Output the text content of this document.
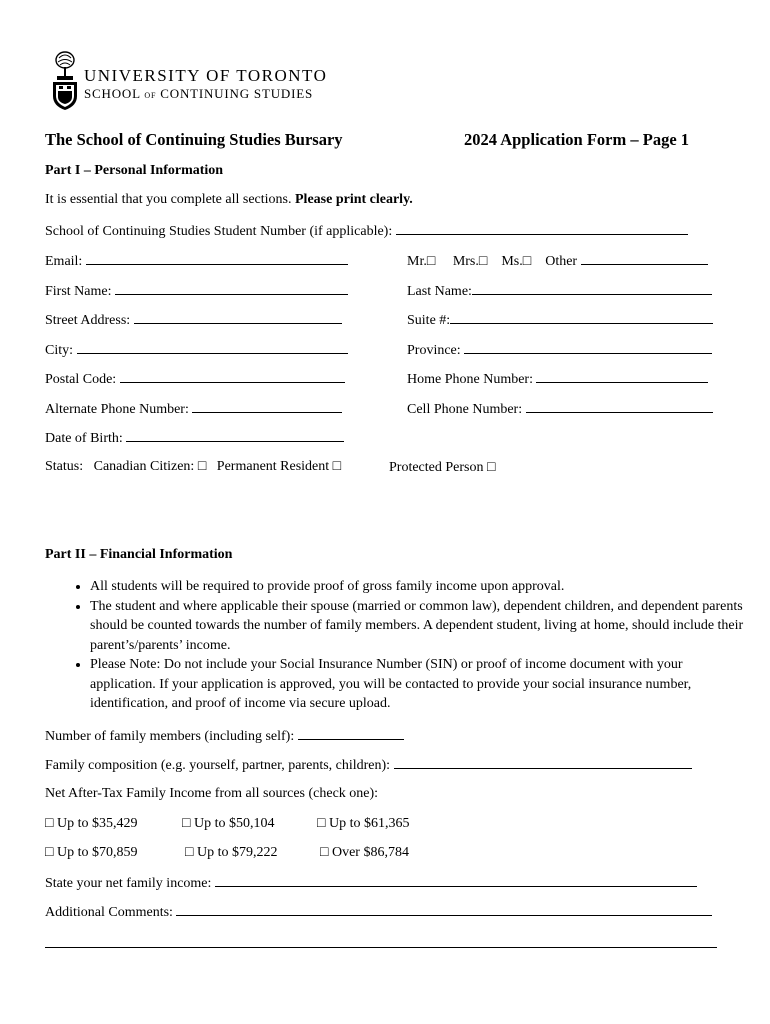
UNIVERSITY OF TORONTO
SCHOOL OF CONTINUING STUDIES
The School of Continuing Studies Bursary	2024 Application Form – Page 1
Part I – Personal Information
It is essential that you complete all sections. Please print clearly.
School of Continuing Studies Student Number (if applicable):
Email:	Mr.□ Mrs.□ Ms.□ Other
First Name:	Last Name:
Street Address:	Suite #:
City:	Province:
Postal Code:	Home Phone Number:
Alternate Phone Number:	Cell Phone Number:
Date of Birth:
Status: Canadian Citizen: □ Permanent Resident □	Protected Person □
Part II – Financial Information
• All students will be required to provide proof of gross family income upon approval.
• The student and where applicable their spouse (married or common law), dependent children, and dependent parents should be counted towards the number of family members. A dependent student, living at home, should include their parent’s/parents’ income.
• Please Note: Do not include your Social Insurance Number (SIN) or proof of income document with your application. If your application is approved, you will be contacted to provide your social insurance number, identification, and proof of income via secure upload.
Number of family members (including self):
Family composition (e.g. yourself, partner, parents, children):
Net After-Tax Family Income from all sources (check one):
□ Up to $35,429	□ Up to $50,104	□ Up to $61,365
□ Up to $70,859	□ Up to $79,222	□ Over $86,784
State your net family income:
Additional Comments:
